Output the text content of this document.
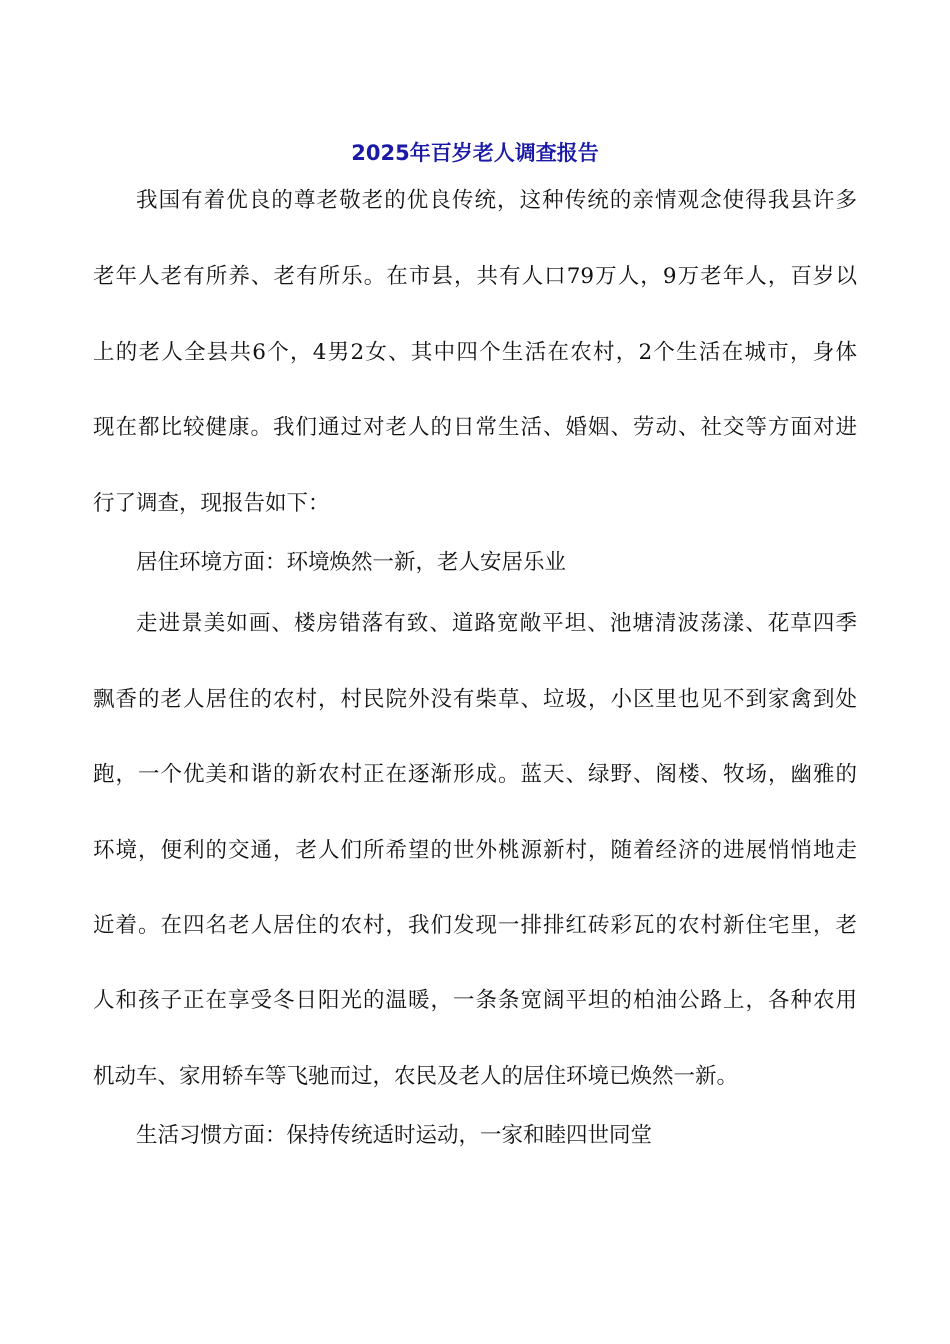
2025年百岁老人调查报告

我国有着优良的尊老敬老的优良传统，这种传统的亲情观念使得我县许多

老年人老有所养、老有所乐。在市县，共有人口79万人，9万老年人，百岁以

上的老人全县共6个，4男2女、其中四个生活在农村，2个生活在城市，身体

现在都比较健康。我们通过对老人的日常生活、婚姻、劳动、社交等方面对进

行了调查，现报告如下：

居住环境方面：环境焕然一新，老人安居乐业

走进景美如画、楼房错落有致、道路宽敞平坦、池塘清波荡漾、花草四季

飘香的老人居住的农村，村民院外没有柴草、垃圾，小区里也见不到家禽到处

跑，一个优美和谐的新农村正在逐渐形成。蓝天、绿野、阁楼、牧场，幽雅的

环境，便利的交通，老人们所希望的世外桃源新村，随着经济的进展悄悄地走

近着。在四名老人居住的农村，我们发现一排排红砖彩瓦的农村新住宅里，老

人和孩子正在享受冬日阳光的温暖，一条条宽阔平坦的柏油公路上，各种农用

机动车、家用轿车等飞驰而过，农民及老人的居住环境已焕然一新。

生活习惯方面：保持传统适时运动，一家和睦四世同堂
